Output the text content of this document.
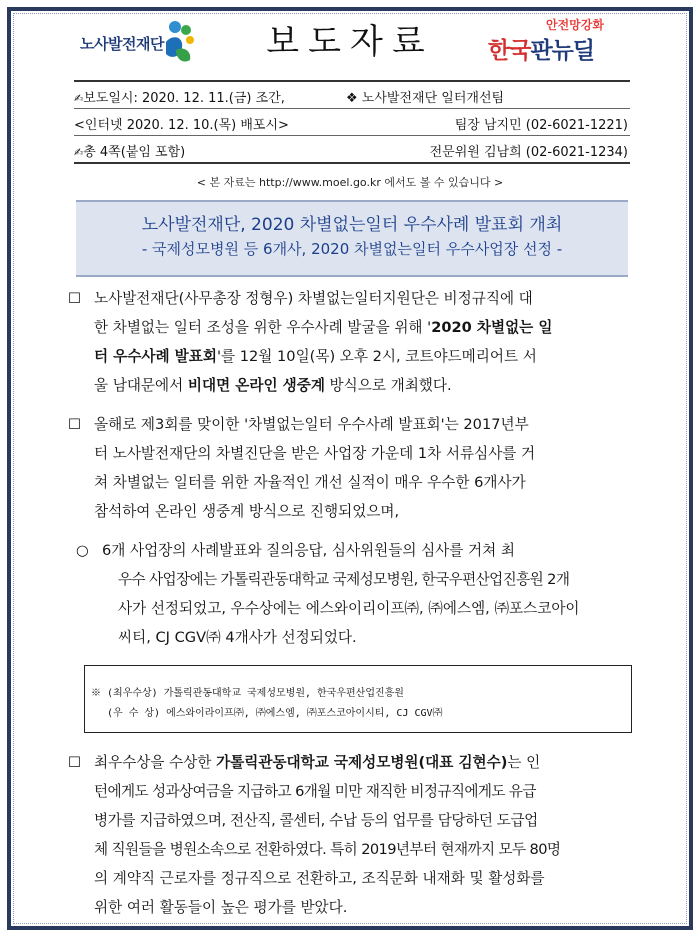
노사발전재단	보도자료	안전망강화
한국판뉴딜
✍보도일시: 2020. 12. 11.(금) 조간,	❖ 노사발전재단 일터개선팀
<인터넷 2020. 12. 10.(목) 배포시>	팀장 남지민 (02-6021-1221)
✍총 4쪽(붙임 포함)	전문위원 김남희 (02-6021-1234)
< 본 자료는 http://www.moel.go.kr 에서도 볼 수 있습니다 >
노사발전재단, 2020 차별없는일터 우수사례 발표회 개최
- 국제성모병원 등 6개사, 2020 차별없는일터 우수사업장 선정 -
☐ 노사발전재단(사무총장 정형우) 차별없는일터지원단은 비정규직에 대

한 차별없는 일터 조성을 위한 우수사례 발굴을 위해 '2020 차별없는 일

터 우수사례 발표회'를 12월 10일(목) 오후 2시, 코트야드메리어트 서

울 남대문에서 비대면 온라인 생중계 방식으로 개최했다.

☐ 올해로 제3회를 맞이한 '차별없는일터 우수사례 발표회'는 2017년부

터 노사발전재단의 차별진단을 받은 사업장 가운데 1차 서류심사를 거

쳐 차별없는 일터를 위한 자율적인 개선 실적이 매우 우수한 6개사가

참석하여 온라인 생중계 방식으로 진행되었으며,

○ 6개 사업장의 사례발표와 질의응답, 심사위원들의 심사를 거쳐 최

우수 사업장에는 가톨릭관동대학교 국제성모병원, 한국우편산업진흥원 2개

사가 선정되었고, 우수상에는 에스와이리이프㈜, ㈜에스엠, ㈜포스코아이

씨티, CJ CGV㈜ 4개사가 선정되었다.

※ (최우수상) 가톨릭관동대학교 국제성모병원, 한국우편산업진흥원
(우 수 상) 에스와이라이프㈜, ㈜에스엠, ㈜포스코아이시티, CJ CGV㈜
☐ 최우수상을 수상한 가톨릭관동대학교 국제성모병원(대표 김현수)는 인

턴에게도 성과상여금을 지급하고 6개월 미만 재직한 비정규직에게도 유급

병가를 지급하였으며, 전산직, 콜센터, 수납 등의 업무를 담당하던 도급업

체 직원들을 병원소속으로 전환하였다. 특히 2019년부터 현재까지 모두 80명

의 계약직 근로자를 정규직으로 전환하고, 조직문화 내재화 및 활성화를

위한 여러 활동들이 높은 평가를 받았다.
